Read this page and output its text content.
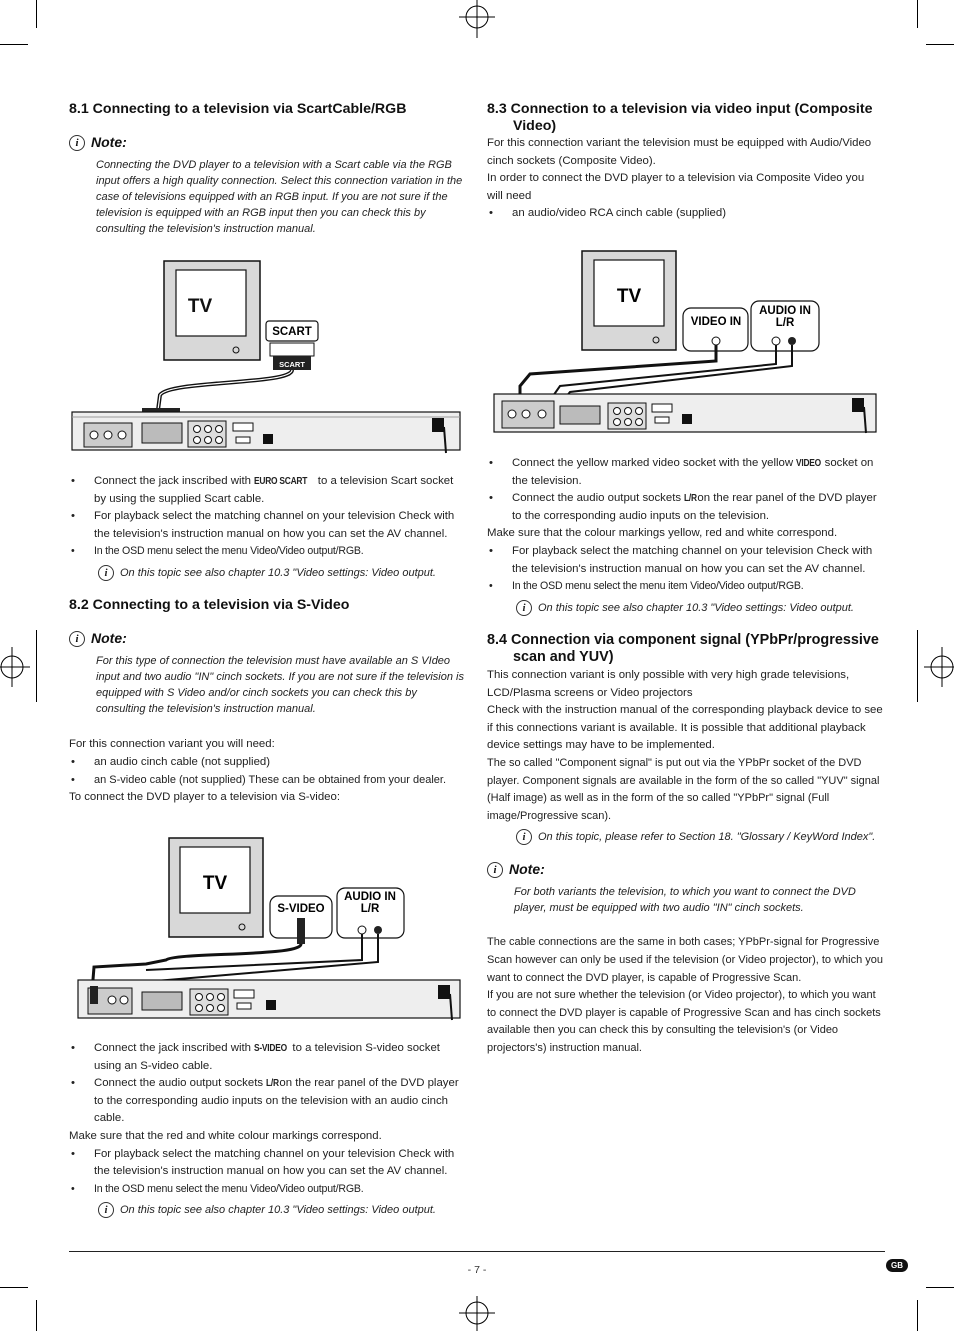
8.1 Connecting to a television via ScartCable/RGB
i Note:

Connecting the DVD player to a television with a Scart cable via the RGB input offers a high quality connection. Select this connection variation in the case of televisions equipped with an RGB input. If you are not sure if the television is equipped with an RGB input then you can check this by consulting the television's instruction manual.

TV
SCART
SCART

• Connect the jack inscribed with EURO SCART to a television Scart socket by using the supplied Scart cable.

• For playback select the matching channel on your television Check with the television's instruction manual on how you can set the AV channel.

• In the OSD menu select the menu Video/Video output/RGB.

i	On this topic see also chapter 10.3 "Video settings: Video output.
8.2 Connecting to a television via S-Video
i Note:

For this type of connection the television must have available an S VIdeo input and two audio "IN" cinch sockets. If you are not sure if the television is equipped with S Video and/or cinch sockets you can check this by consulting the television's instruction manual.

For this connection variant you will need:

• an audio cinch cable (not supplied)

• an S-video cable (not supplied) These can be obtained from your dealer.

To connect the DVD player to a television via S-video:

TV
S-VIDEO
AUDIO IN
L/R

• Connect the jack inscribed with S-VIDEO to a television S-video socket using an S-video cable.

• Connect the audio output sockets L/R on the rear panel of the DVD player to the corresponding audio inputs on the television with an audio cinch cable.

Make sure that the red and white colour markings correspond.

• For playback select the matching channel on your television Check with the television's instruction manual on how you can set the AV channel.

• In the OSD menu select the menu Video/Video output/RGB.

i	On this topic see also chapter 10.3 "Video settings: Video output.
8.3 Connection to a television via video input (Composite Video)

For this connection variant the television must be equipped with Audio/Video cinch sockets (Composite Video).

In order to connect the DVD player to a television via Composite Video you will need

• an audio/video RCA cinch cable (supplied)

TV
VIDEO IN
AUDIO IN
L/R

• Connect the yellow marked video socket with the yellow VIDEO socket on the television.

• Connect the audio output sockets L/R on the rear panel of the DVD player to the corresponding audio inputs on the television.

Make sure that the colour markings yellow, red and white correspond.

• For playback select the matching channel on your television Check with the television's instruction manual on how you can set the AV channel.

• In the OSD menu select the menu item Video/Video output/RGB.

i	On this topic see also chapter 10.3 "Video settings: Video output.
8.4 Connection via component signal (YPbPr/progressive scan and YUV)

This connection variant is only possible with very high grade televisions, LCD/Plasma screens or Video projectors

Check with the instruction manual of the corresponding playback device to see if this connections variant is available. It is possible that additional playback device settings may have to be implemented.

The so called "Component signal" is put out via the YPbPr socket of the DVD player. Component signals are available in the form of the so called "YUV" signal (Half image) as well as in the form of the so called "YPbPr" signal (Full image/Progressive scan).

i	On this topic, please refer to Section 18. "Glossary / KeyWord Index".
i Note:

For both variants the television, to which you want to connect the DVD player, must be equipped with two audio "IN" cinch sockets.

The cable connections are the same in both cases; YPbPr-signal for Progressive Scan however can only be used if the television (or Video projector), to which you want to connect the DVD player, is capable of Progressive Scan.

If you are not sure whether the television (or Video projector), to which you want to connect the DVD player is capable of Progressive Scan and has cinch sockets available then you can check this by consulting the television's (or Video projectors's) instruction manual.

- 7 -	GB
